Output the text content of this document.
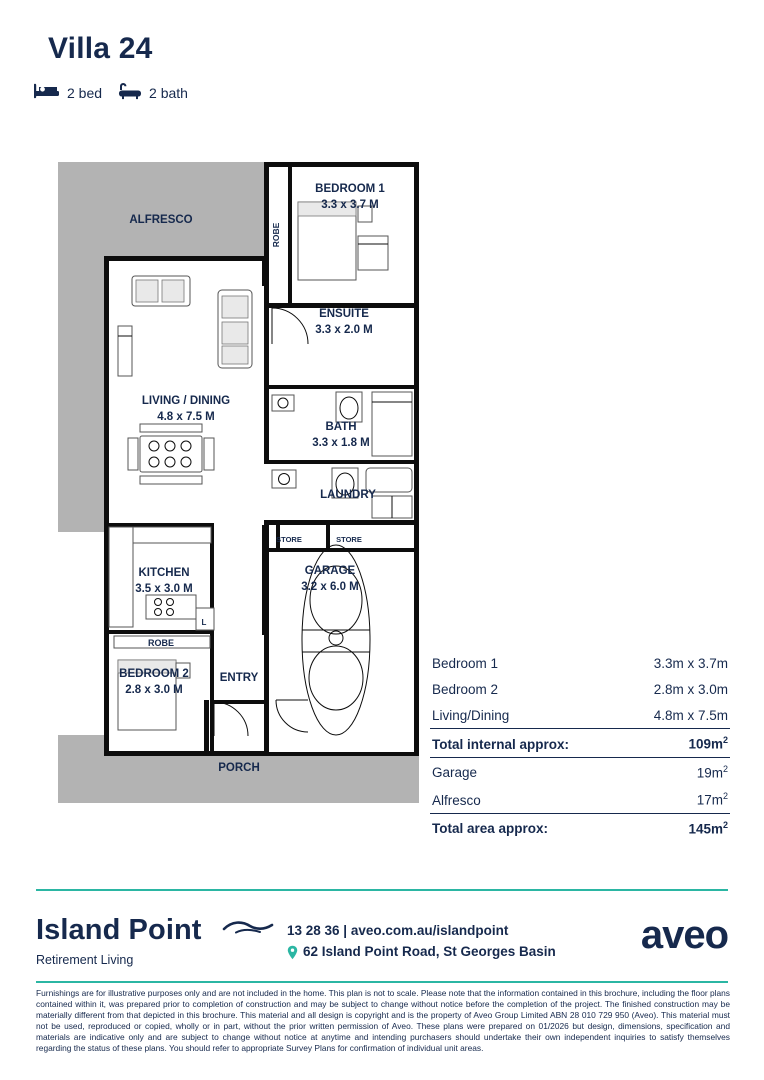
Villa 24
2 bed	2 bath
ALFRESCO
BEDROOM 1
3.3 x 3.7 M
ROBE
ENSUITE
3.3 x 2.0 M
BATH
3.3 x 1.8 M
LIVING / DINING
4.8 x 7.5 M
LAUNDRY
STORE	STORE
KITCHEN
3.5 x 3.0 M
L
GARAGE
3.2 x 6.0 M
ROBE
BEDROOM 2
2.8 x 3.0 M
ENTRY
PORCH
Bedroom 1	3.3m x 3.7m
Bedroom 2	2.8m x 3.0m
Living/Dining	4.8m x 7.5m
Total internal approx:	$109m^2$
Garage	$19m^2$
Alfresco	$17m^2$
Total area approx:	$145m^2$
Island Point
Retirement Living
13 28 36 | aveo.com.au/islandpoint
62 Island Point Road, St Georges Basin aveo
Furnishings are for illustrative purposes only and are not included in the home. This plan is not to scale. Please note that the information contained in this brochure, including the floor plans contained within it, was prepared prior to completion of construction and may be subject to change without notice before the completion of the project. The finished construction may be materially different from that depicted in this brochure. This material and all design is copyright and is the property of Aveo Group Limited ABN 28 010 729 950 (Aveo). This material must not be used, reproduced or copied, wholly or in part, without the prior written permission of Aveo. These plans were prepared on 01/2026 but design, dimensions, specification and materials are indicative only and are subject to change without notice at anytime and intending purchasers should undertake their own independent inquiries to satisfy themselves regarding the status of these plans. You should refer to appropriate Survey Plans for confirmation of individual unit areas.
